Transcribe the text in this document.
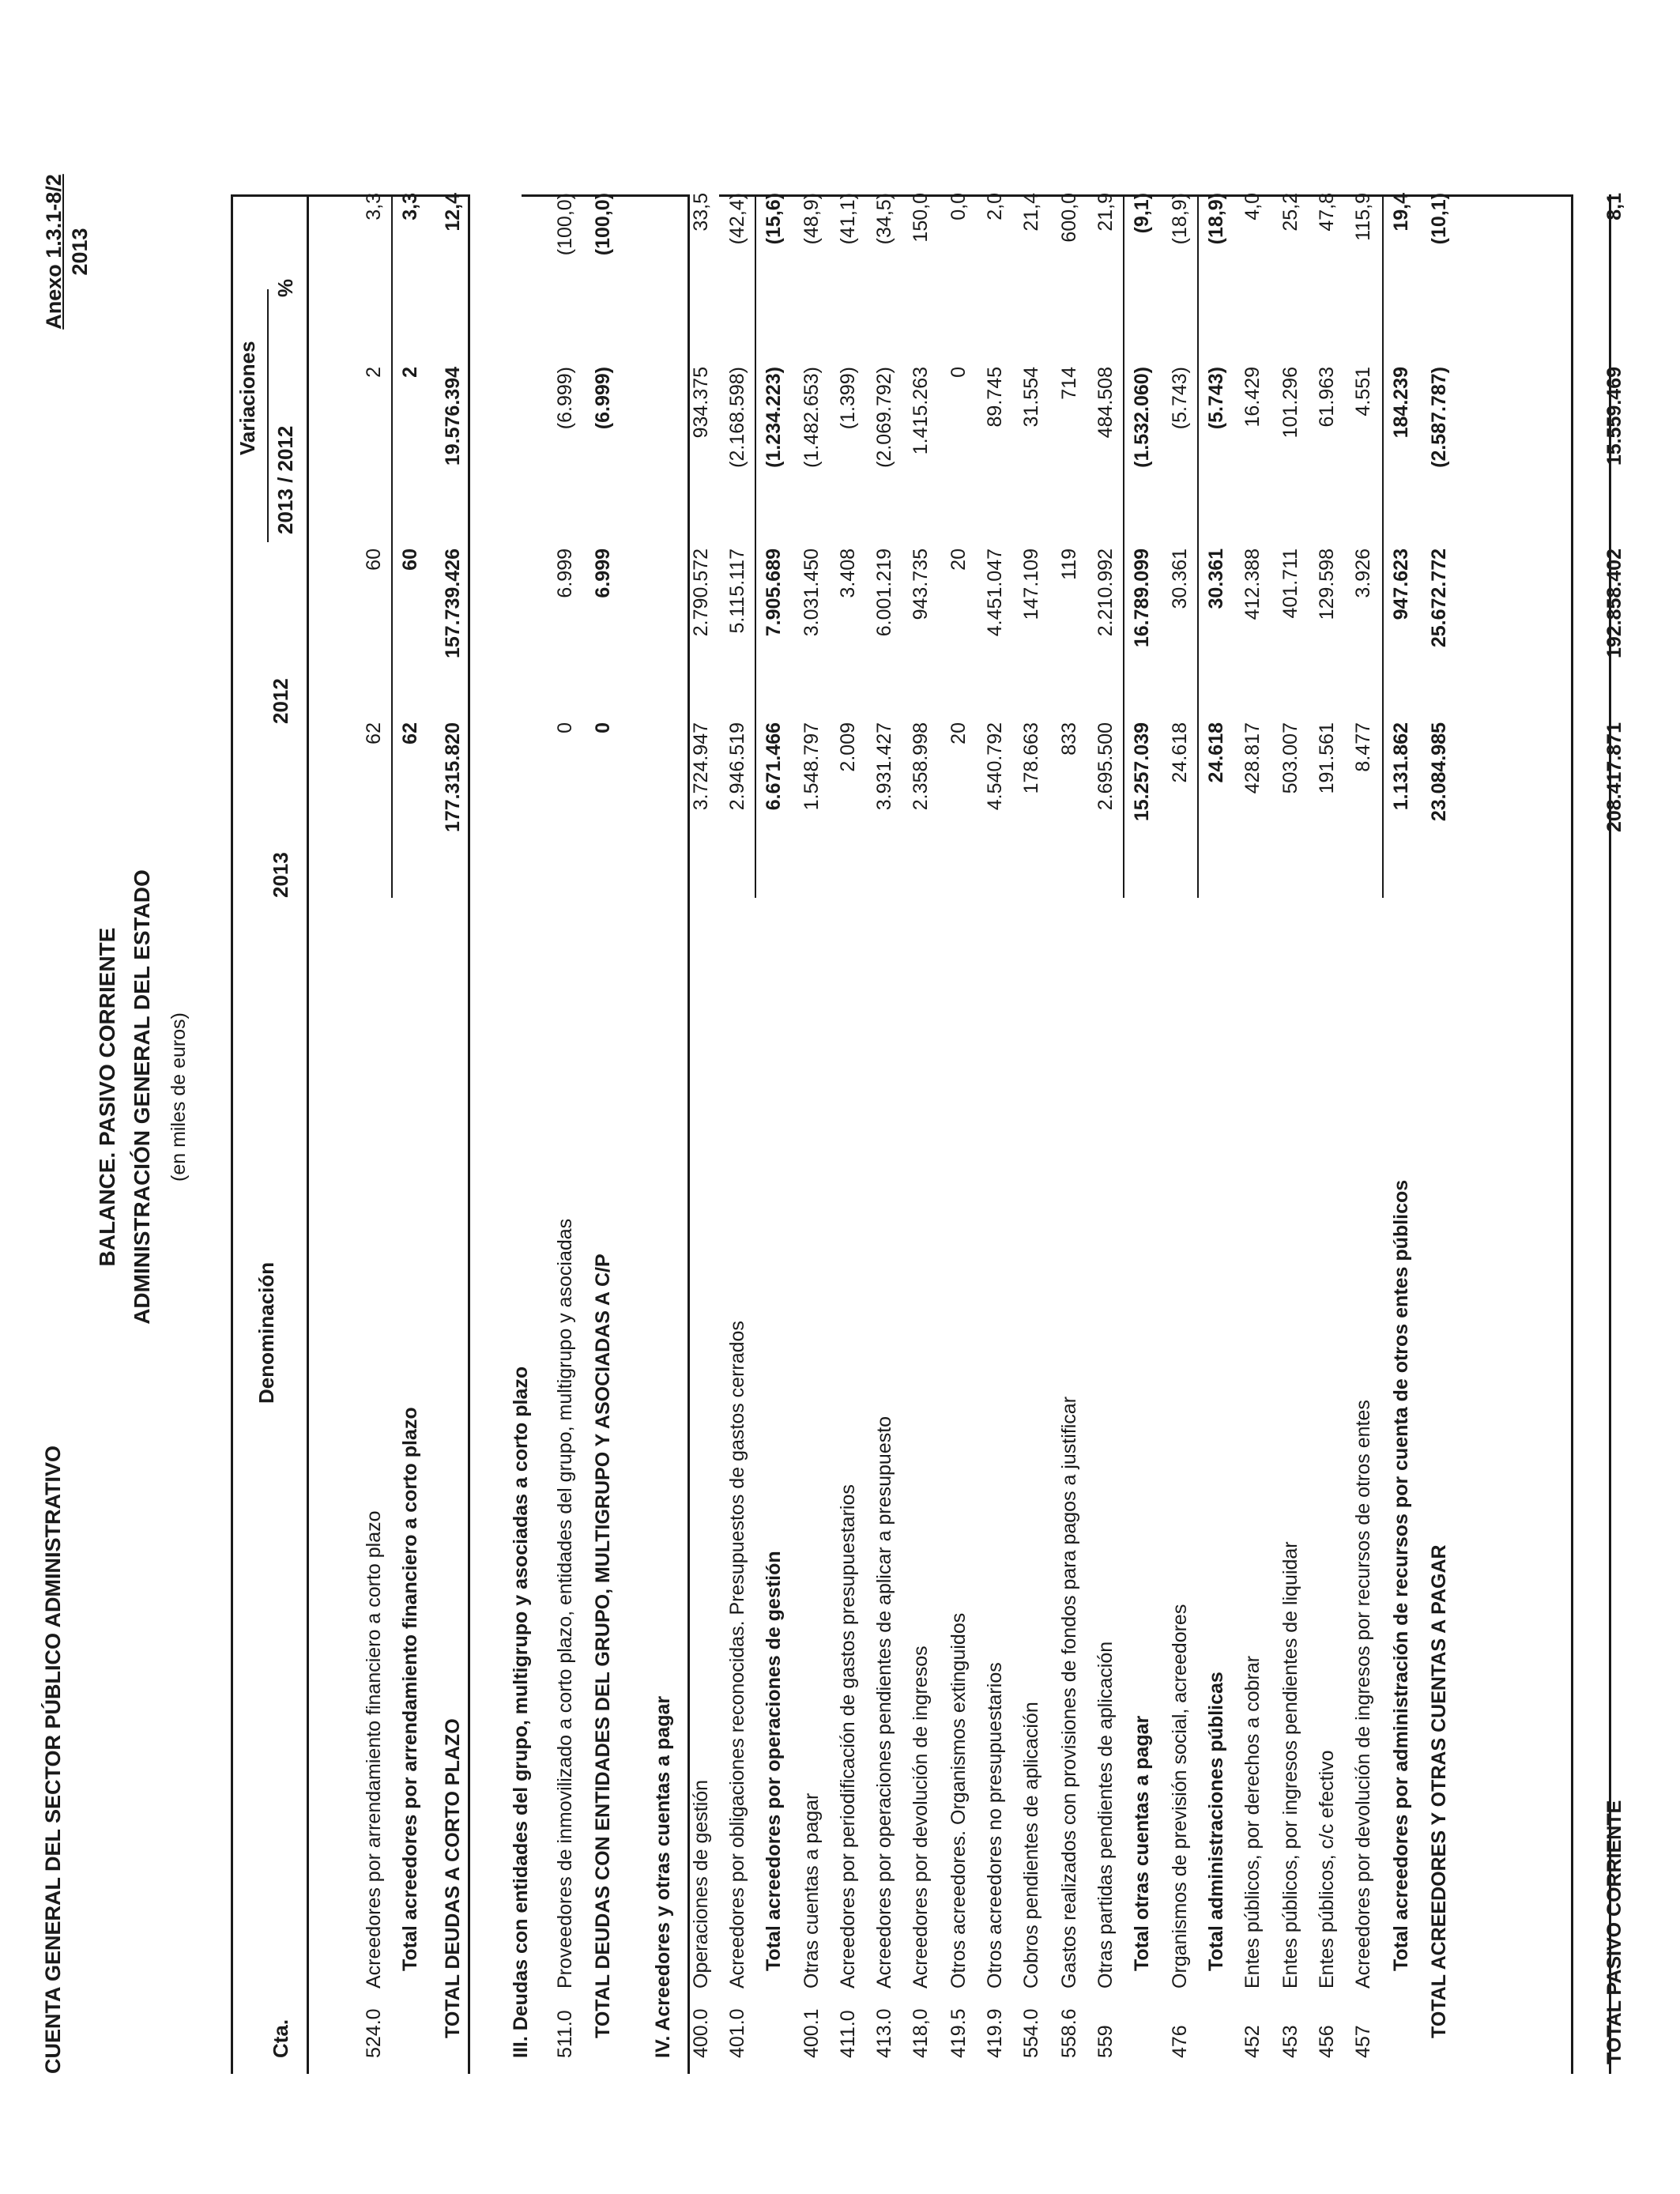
CUENTA GENERAL DEL SECTOR PÚBLICO ADMINISTRATIVO
Anexo 1.3.1-8/2 2013
BALANCE. PASIVO CORRIENTE ADMINISTRACIÓN GENERAL DEL ESTADO (en miles de euros)
Cta.
Denominación
2013
2012
Variaciones
2013 / 2012
%
524.0
Acreedores por arrendamiento financiero a corto plazo
62
60
2
3,3
Total acreedores por arrendamiento financiero a corto plazo
62
60
2
3,3
TOTAL DEUDAS A CORTO PLAZO
177.315.820
157.739.426
19.576.394
12,4
III. Deudas con entidades del grupo, multigrupo y asociadas a corto plazo	511.0
Proveedores de inmovilizado a corto plazo, entidades del grupo, multigrupo y asociadas
0
6.999
(6.999)
(100,0)
TOTAL DEUDAS CON ENTIDADES DEL GRUPO, MULTIGRUPO Y ASOCIADAS A C/P
0
6.999
(6.999)
(100,0)
IV. Acreedores y otras cuentas a pagar 400.0
Operaciones de gestión
3.724.947
2.790.572
934.375
33,5
401.0
Acreedores por obligaciones reconocidas. Presupuestos de gastos cerrados
2.946.519
5.115.117
(2.168.598)
(42,4)
Total acreedores por operaciones de gestión
6.671.466
7.905.689
(1.234.223)
(15,6)
400.1
Otras cuentas a pagar
1.548.797
3.031.450
(1.482.653)
(48,9)
411.0
Acreedores por periodificación de gastos presupuestarios
2.009
3.408
(1.399)
(41,1)
413.0
Acreedores por operaciones pendientes de aplicar a presupuesto
3.931.427
6.001.219
(2.069.792)
(34,5)
418,0
Acreedores por devolución de ingresos
2.358.998
943.735
1.415.263
150,0
419.5
Otros acreedores. Organismos extinguidos
20
20
0
0,0
419.9
Otros acreedores no presupuestarios
4.540.792
4.451.047
89.745
2,0
554.0
Cobros pendientes de aplicación
178.663
147.109
31.554
21,4
558.6
Gastos realizados con provisiones de fondos para pagos a justificar
833
119
714
600,0
559
Otras partidas pendientes de aplicación
2.695.500
2.210.992
484.508
21,9
Total otras cuentas a pagar
15.257.039
16.789.099
(1.532.060)
(9,1)
476
Organismos de previsión social, acreedores
24.618
30.361
(5.743)
(18,9)
Total administraciones públicas
24.618
30.361
(5.743)
(18,9)
452
Entes públicos, por derechos a cobrar
428.817
412.388
16.429
4,0
453
Entes públicos, por ingresos pendientes de liquidar
503.007
401.711
101.296
25,2
456
Entes públicos, c/c efectivo
191.561
129.598
61.963
47,8
457
Acreedores por devolución de ingresos por recursos de otros entes
8.477
3.926
4.551
115,9
Total acreedores por administración de recursos por cuenta de otros entes públicos
1.131.862
947.623
184.239
19,4
TOTAL ACREEDORES Y OTRAS CUENTAS A PAGAR
23.084.985
25.672.772
(2.587.787)
(10,1)
TOTAL PASIVO CORRIENTE
208.417.871
192.858.402
15.559.469
8,1
